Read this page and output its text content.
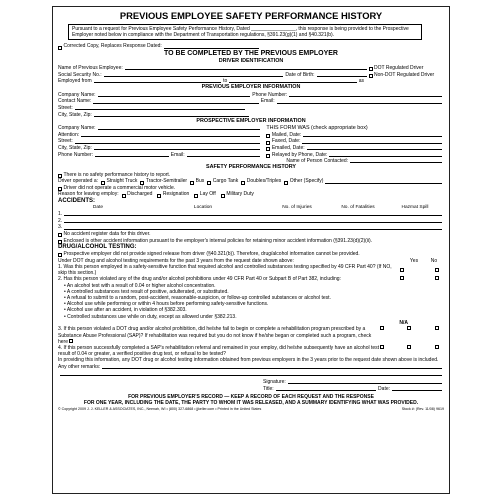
PREVIOUS EMPLOYEE SAFETY PERFORMANCE HISTORY
Pursuant to a request for Previous Employee Safety Performance History, Dated ________________, this response is being provided to the Prospective Employer noted below in compliance with the Department of Transportation regulations, §391.23(g)(1) and §40.321(b).
Corrected Copy, Replaces Response Dated:
TO BE COMPLETED BY THE PREVIOUS EMPLOYER
DRIVER IDENTIFICATION
Name of Previous Employee:	DOT Regulated Driver
Social Security No.:	Date of Birth:	Non-DOT Regulated Driver
Employed from	to	as
PREVIOUS EMPLOYER INFORMATION
Company Name:	Phone Number:
Contact Name:	Email:
Street:
City, State, Zip:
PROSPECTIVE EMPLOYER INFORMATION
Company Name:
Attention:
Street:
City, State, Zip:
Phone Number:	Email:
THIS FORM WAS (check appropriate box)
Mailed, Date:
Faxed, Date:
Emailed, Date:
Relayed by Phone, Date:
Name of Person Contacted:
SAFETY PERFORMANCE HISTORY
There is no safety performance history to report.
Driver operated a: Straight Truck Tractor-Semitrailer Bus Cargo Tank Doubles/Triples Other (Specify)
Driver did not operate a commercial motor vehicle.
Reason for leaving employ: Discharged Resignation Lay Off Military Duty
ACCIDENTS:
Date	Location	No. of Injuries	No. of Fatalities	Hazmat Spill
1.
2.
3.
No accident register data for this driver.
Enclosed is other accident information pursuant to the employer's internal policies for retaining minor accident information (§391.23(d)(2)(ii).
DRUG/ALCOHOL TESTING:
Prospective employer did not provide signed release from driver (§40.321(b)). Therefore, drug/alcohol information cannot be provided.
Under DOT drug and alcohol testing requirements for the past 3 years from the request date shown above:	Yes	No
1. Was this person employed in a safety-sensitive function that required alcohol and controlled substances testing specified by 49 CFR Part 40? (If NO, skip this section.)
2. Has this person violated any of the drug and/or alcohol prohibitions under 49 CFR Part 40 or Subpart B of Part 382, including:
• An alcohol test with a result of 0.04 or higher alcohol concentration.
• A controlled substances test result of positive, adulterated, or substituted.
• A refusal to submit to a random, post-accident, reasonable-suspicion, or follow-up controlled substances or alcohol test.
• Alcohol use while performing or within 4 hours before performing safety-sensitive functions.
• Alcohol use after an accident, in violation of §382.303.
• Controlled substances use while on duty, except as allowed under §382.213.
N/A
3. If this person violated a DOT drug and/or alcohol prohibition, did he/she fail to begin or complete a rehabilitation program prescribed by a Substance Abuse Professional (SAP)? If rehabilitation was required but you do not know if he/she began or completed such a program, check here
4. If this person successfully completed a SAP's rehabilitation referral and remained in your employ, did he/she subsequently have an alcohol test result of 0.04 or greater, a verified positive drug test, or refusal to be tested?
In providing this information, any DOT drug or alcohol testing information obtained from previous employers in the 3 years prior to the request date shown above is included.
Any other remarks:
Signature:
Title:	Date:
FOR PREVIOUS EMPLOYER'S RECORD — KEEP A RECORD OF EACH REQUEST AND THE RESPONSE
FOR ONE YEAR, INCLUDING THE DATE, THE PARTY TO WHOM IT WAS RELEASED, AND A SUMMARY IDENTIFYING WHAT WAS PROVIDED.
© Copyright 2009 J. J. KELLER & ASSOCIATES, INC., Neenah, WI • (800) 327-6868 • jjkeller.com • Printed in the United States	Stock #: (Rev. 11/08) 9619
